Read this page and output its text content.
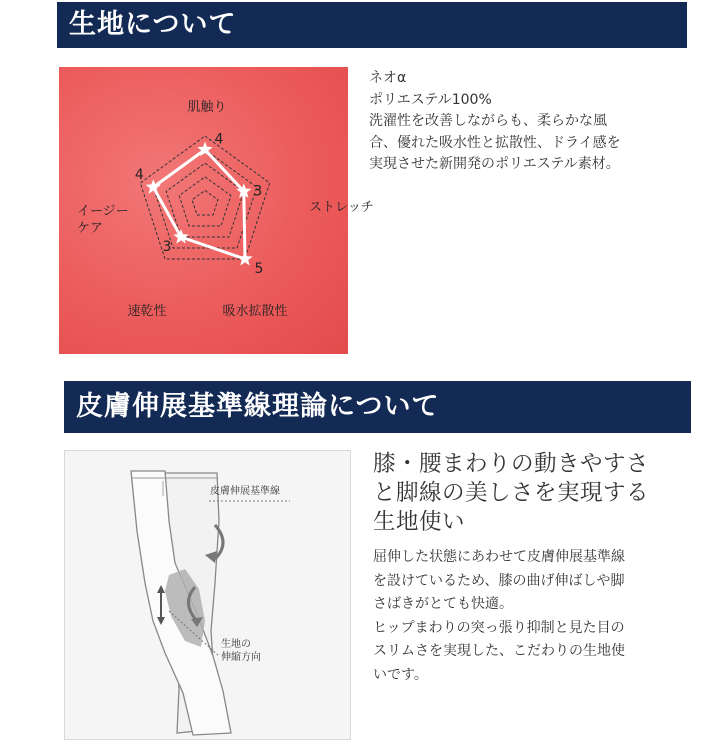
生地について
4
3
5
3
4
肌触り
ストレッチ
吸水拡散性
速乾性
イージー
ケア
ネオα
ポリエステル100%
洗濯性を改善しながらも、柔らかな風
合、優れた吸水性と拡散性、ドライ感を
実現させた新開発のポリエステル素材。
皮膚伸展基準線理論について
皮膚伸展基準線
生地の
伸縮方向
膝・腰まわりの動きやすさ
と脚線の美しさを実現する
生地使い
屈伸した状態にあわせて皮膚伸展基準線
を設けているため、膝の曲げ伸ばしや脚
さばきがとても快適。
ヒップまわりの突っ張り抑制と見た目の
スリムさを実現した、こだわりの生地使
いです。
